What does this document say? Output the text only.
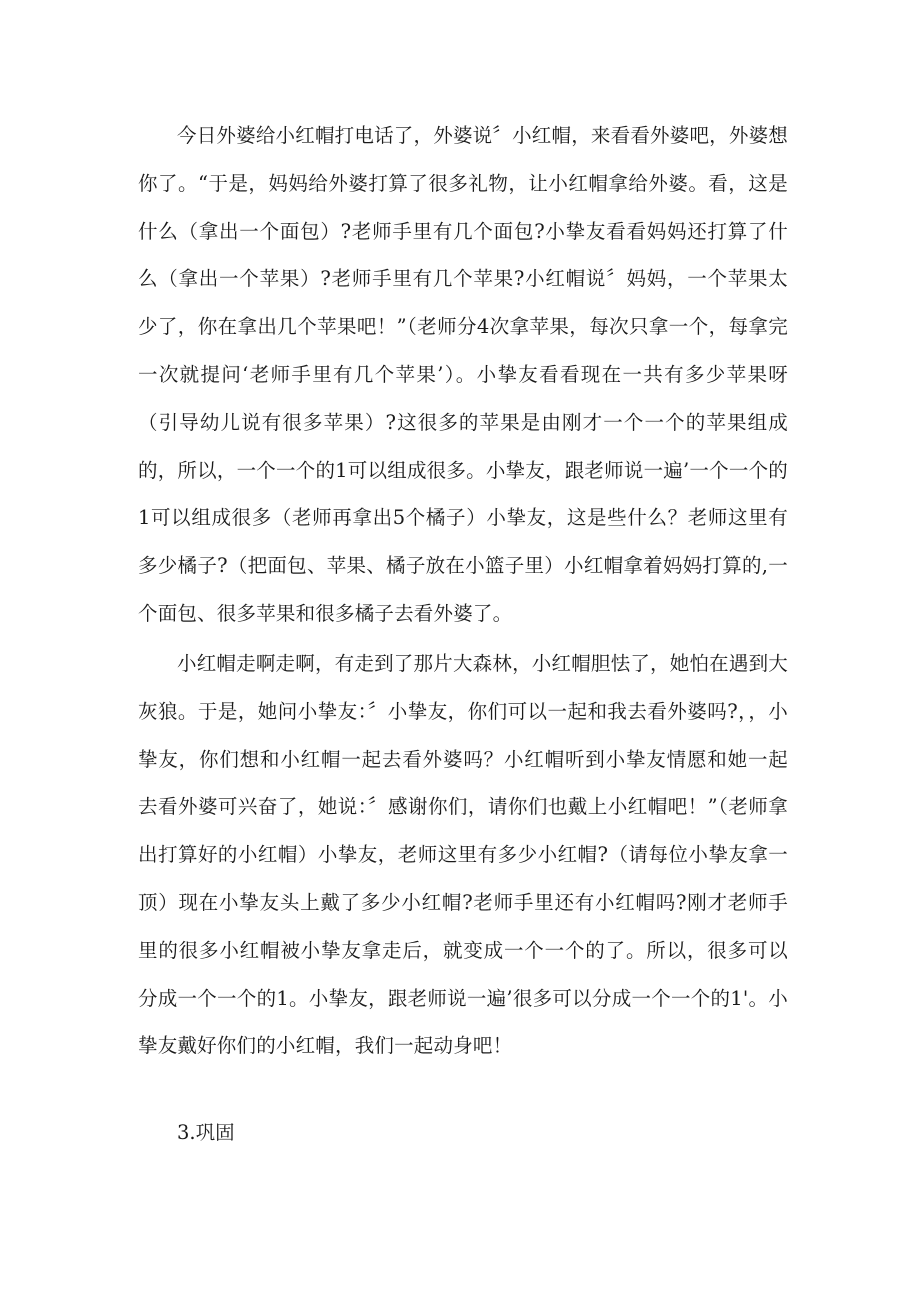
今日外婆给小红帽打电话了，外婆说〞小红帽，来看看外婆吧，外婆想你了。“于是，妈妈给外婆打算了很多礼物，让小红帽拿给外婆。看，这是什么（拿出一个面包）?老师手里有几个面包?小挚友看看妈妈还打算了什么（拿出一个苹果）?老师手里有几个苹果?小红帽说〞妈妈，一个苹果太少了，你在拿出几个苹果吧！”（老师分4次拿苹果，每次只拿一个，每拿完一次就提问‘老师手里有几个苹果’）。小挚友看看现在一共有多少苹果呀（引导幼儿说有很多苹果）?这很多的苹果是由刚才一个一个的苹果组成的，所以，一个一个的1可以组成很多。小挚友，跟老师说一遍’一个一个的1可以组成很多（老师再拿出5个橘子）小挚友，这是些什么？老师这里有多少橘子?（把面包、苹果、橘子放在小篮子里）小红帽拿着妈妈打算的,一个面包、很多苹果和很多橘子去看外婆了。

小红帽走啊走啊，有走到了那片大森林，小红帽胆怯了，她怕在遇到大灰狼。于是，她问小挚友：〞小挚友，你们可以一起和我去看外婆吗?，，小挚友，你们想和小红帽一起去看外婆吗？小红帽听到小挚友情愿和她一起去看外婆可兴奋了，她说：〞感谢你们，请你们也戴上小红帽吧！”（老师拿出打算好的小红帽）小挚友，老师这里有多少小红帽?（请每位小挚友拿一顶）现在小挚友头上戴了多少小红帽?老师手里还有小红帽吗?刚才老师手里的很多小红帽被小挚友拿走后，就变成一个一个的了。所以，很多可以分成一个一个的1。小挚友，跟老师说一遍’很多可以分成一个一个的1'。小挚友戴好你们的小红帽，我们一起动身吧！

3.巩固
